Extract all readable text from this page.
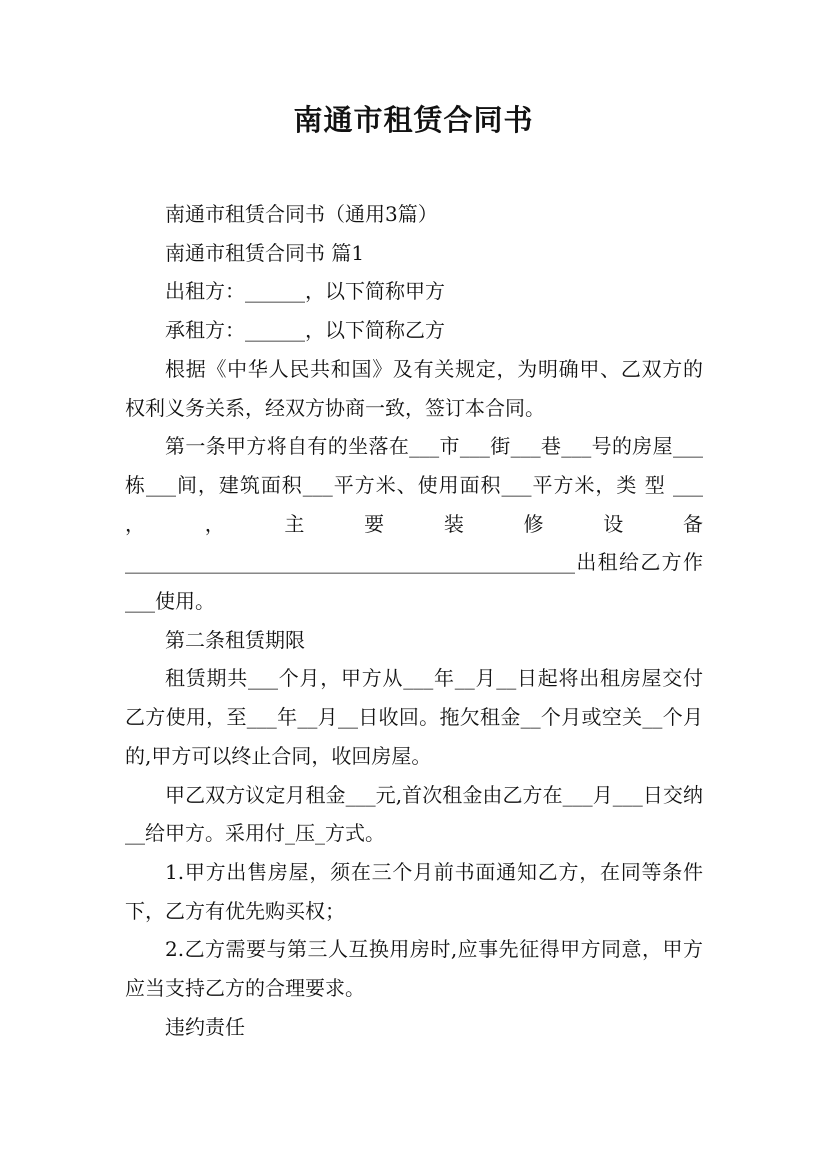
南通市租赁合同书

南通市租赁合同书（通用3篇）

南通市租赁合同书 篇1

出租方：______，以下简称甲方

承租方：______，以下简称乙方

根据《中华人民共和国》及有关规定，为明确甲、乙双方的权利义务关系，经双方协商一致，签订本合同。

第一条甲方将自有的坐落在___市___街___巷___号的房屋___栋___间，建筑面积___平方米、使用面积___平方米，类 型 ___ ， ， 主 要 装 修 设 备 _____________________________________________出租给乙方作___使用。

第二条租赁期限

租赁期共___个月，甲方从___年__月__日起将出租房屋交付乙方使用，至___年__月__日收回。拖欠租金__个月或空关__个月的,甲方可以终止合同，收回房屋。

甲乙双方议定月租金___元,首次租金由乙方在___月___日交纳__给甲方。采用付_压_方式。

1.甲方出售房屋，须在三个月前书面通知乙方，在同等条件下，乙方有优先购买权；

2.乙方需要与第三人互换用房时,应事先征得甲方同意，甲方应当支持乙方的合理要求。

违约责任
